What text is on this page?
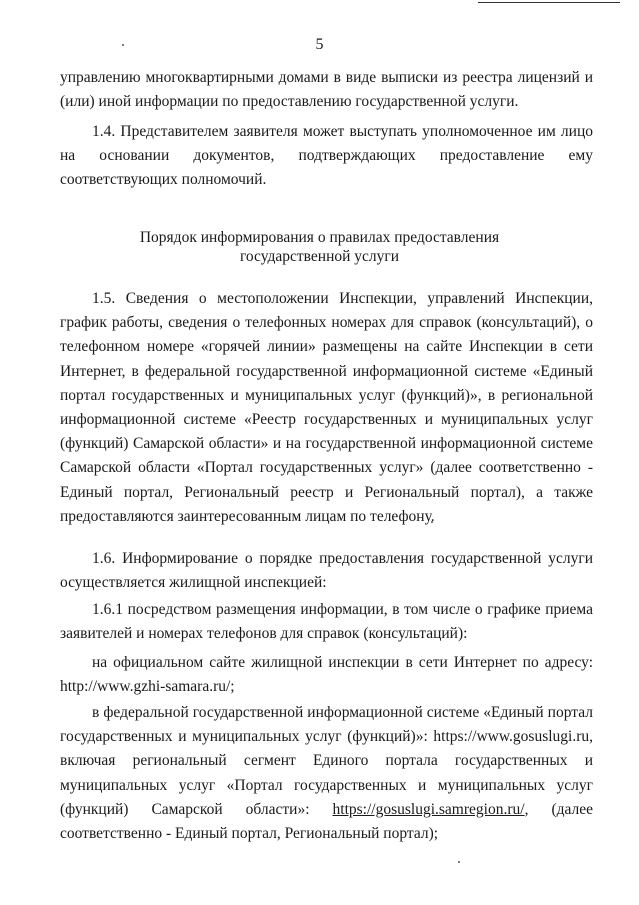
5

управлению многоквартирными домами в виде выписки из реестра лицензий и (или) иной информации по предоставлению государственной услуги.

1.4. Представителем заявителя может выступать уполномоченное им лицо на основании документов, подтверждающих предоставление ему соответствующих полномочий.

Порядок информирования о правилах предоставления
государственной услуги

1.5. Сведения о местоположении Инспекции, управлений Инспекции, график работы, сведения о телефонных номерах для справок (консультаций), о телефонном номере «горячей линии» размещены на сайте Инспекции в сети Интернет, в федеральной государственной информационной системе «Единый портал государственных и муниципальных услуг (функций)», в региональной информационной системе «Реестр государственных и муниципальных услуг (функций) Самарской области» и на государственной информационной системе Самарской области «Портал государственных услуг» (далее соответственно - Единый портал, Региональный реестр и Региональный портал), а также предоставляются заинтересованным лицам по телефону.

1.6. Информирование о порядке предоставления государственной услуги осуществляется жилищной инспекцией:

1.6.1 посредством размещения информации, в том числе о графике приема заявителей и номерах телефонов для справок (консультаций):

на официальном сайте жилищной инспекции в сети Интернет по адресу: http://www.gzhi-samara.ru/;

в федеральной государственной информационной системе «Единый портал государственных и муниципальных услуг (функций)»: https://www.gosuslugi.ru, включая региональный сегмент Единого портала государственных и муниципальных услуг «Портал государственных и муниципальных услуг
(функций) Самарской области»: https://gosuslugi.samregion.ru/, (далее
соответственно - Единый портал, Региональный портал);
